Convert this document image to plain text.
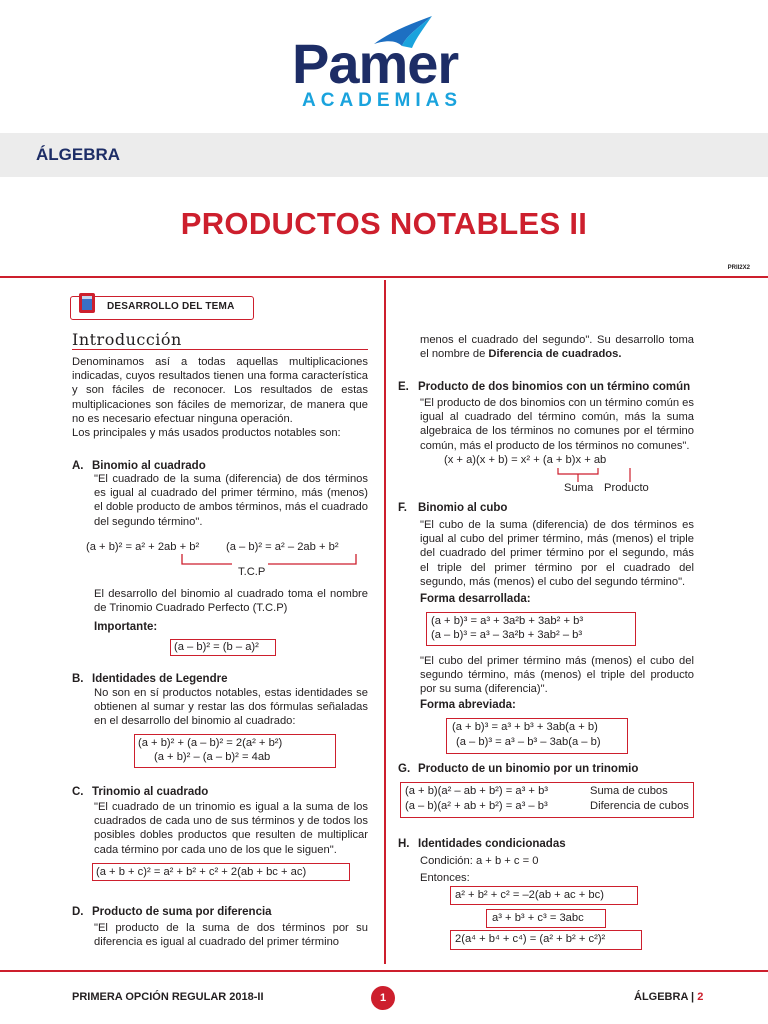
Pamer
ACADEMIAS
ÁLGEBRA
PRODUCTOS NOTABLES II
PRII2X2
DESARROLLO DEL TEMA
Introducción
Denominamos así a todas aquellas multiplicaciones indicadas, cuyos resultados tienen una forma característica y son fáciles de reconocer. Los resultados de estas multiplicaciones son fáciles de memorizar, de manera que no es necesario efectuar ninguna operación.
Los principales y más usados productos notables son:
A. Binomio al cuadrado
"El cuadrado de la suma (diferencia) de dos términos es igual al cuadrado del primer término, más (menos) el doble producto de ambos términos, más el cuadrado del segundo término".
(a + b)² = a² + 2ab + b² (a – b)² = a² – 2ab + b²
T.C.P
El desarrollo del binomio al cuadrado toma el nombre de Trinomio Cuadrado Perfecto (T.C.P)
Importante:
(a – b)² = (b – a)²
B. Identidades de Legendre
No son en sí productos notables, estas identidades se obtienen al sumar y restar las dos fórmulas señaladas en el desarrollo del binomio al cuadrado:
(a + b)² + (a – b)² = 2(a² + b²)
(a + b)² – (a – b)² = 4ab
C. Trinomio al cuadrado
"El cuadrado de un trinomio es igual a la suma de los cuadrados de cada uno de sus términos y de todos los posibles dobles productos que resulten de multiplicar cada término por cada uno de los que le siguen".
(a + b + c)² = a² + b² + c² + 2(ab + bc + ac)
D. Producto de suma por diferencia
"El producto de la suma de dos términos por su diferencia es igual al cuadrado del primer término
menos el cuadrado del segundo". Su desarrollo toma el nombre de Diferencia de cuadrados.
E. Producto de dos binomios con un término común
"El producto de dos binomios con un término común es igual al cuadrado del término común, más la suma algebraica de los términos no comunes por el término común, más el producto de los términos no comunes".
(x + a)(x + b) = x² + (a + b)x + ab
Suma Producto
F. Binomio al cubo
"El cubo de la suma (diferencia) de dos términos es igual al cubo del primer término, más (menos) el triple del cuadrado del primer término por el segundo, más el triple del primer término por el cuadrado del segundo, más (menos) el cubo del segundo término".
Forma desarrollada:
(a + b)³ = a³ + 3a²b + 3ab² + b³
(a – b)³ = a³ – 3a²b + 3ab² – b³
"El cubo del primer término más (menos) el cubo del segundo término, más (menos) el triple del producto por su suma (diferencia)".
Forma abreviada:
(a + b)³ = a³ + b³ + 3ab(a + b)
(a – b)³ = a³ – b³ – 3ab(a – b)
G. Producto de un binomio por un trinomio
(a + b)(a² – ab + b²) = a³ + b³	Suma de cubos
(a – b)(a² + ab + b²) = a³ – b³	Diferencia de cubos
H. Identidades condicionadas
Condición: a + b + c = 0
Entonces:
a² + b² + c² = –2(ab + ac + bc)
a³ + b³ + c³ = 3abc
2(a⁴ + b⁴ + c⁴) = (a² + b² + c²)²
PRIMERA OPCIÓN REGULAR 2018-II	1	ÁLGEBRA | 2
